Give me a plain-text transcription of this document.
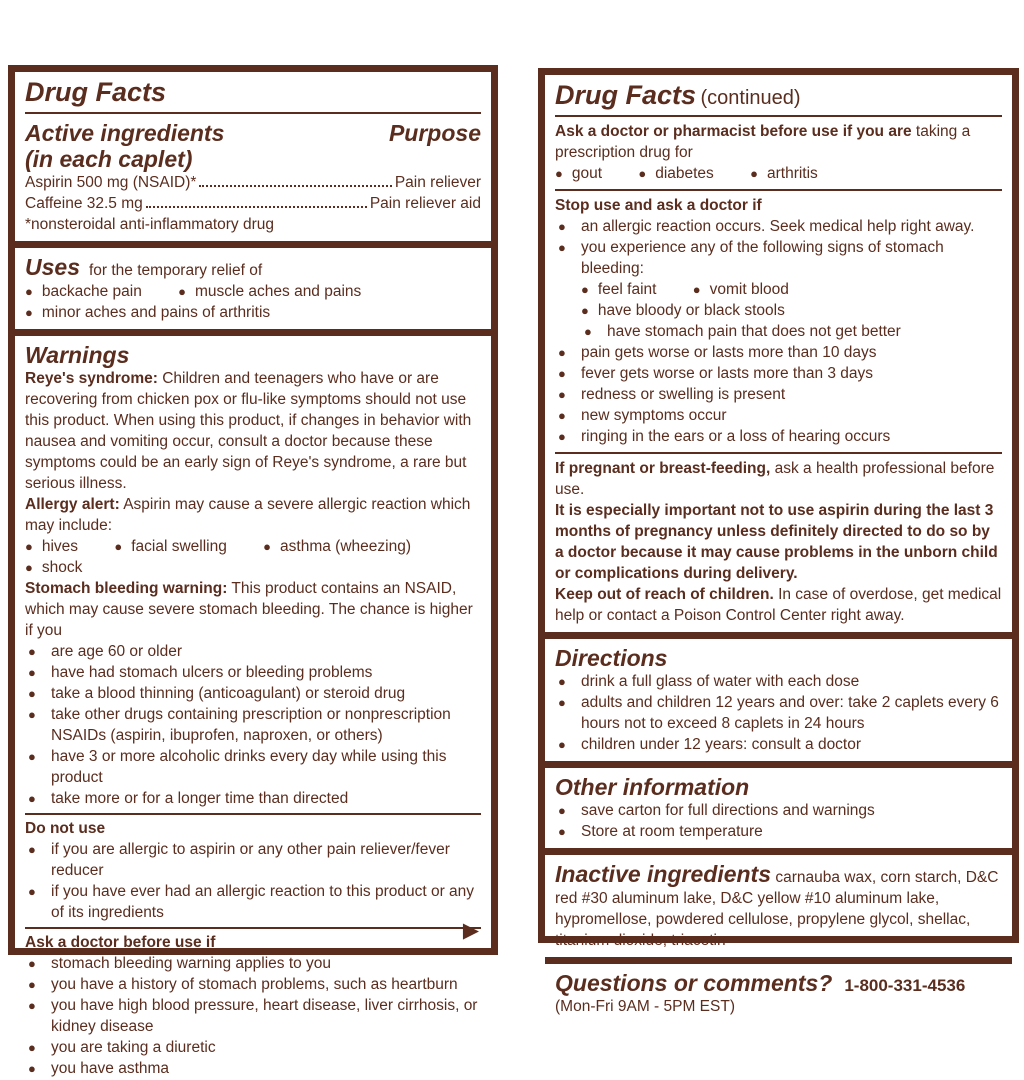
Drug Facts
Active ingredients
(in each caplet)
Purpose
Aspirin 500 mg (NSAID)*	Pain reliever
Caffeine 32.5 mg	Pain reliever aid
*nonsteroidal anti-inflammatory drug
Uses for the temporary relief of
● backache pain	● muscle aches and pains
● minor aches and pains of arthritis
Warnings

Reye's syndrome: Children and teenagers who have or are recovering from chicken pox or flu-like symptoms should not use this product. When using this product, if changes in behavior with nausea and vomiting occur, consult a doctor because these symptoms could be an early sign of Reye's syndrome, a rare but serious illness.

Allergy alert: Aspirin may cause a severe allergic reaction which may include:

● hives	● facial swelling	● asthma (wheezing) ● shock

Stomach bleeding warning: This product contains an NSAID, which may cause severe stomach bleeding. The chance is higher if you

● are age 60 or older
● have had stomach ulcers or bleeding problems
● take a blood thinning (anticoagulant) or steroid drug
● take other drugs containing prescription or nonprescription NSAIDs (aspirin, ibuprofen, naproxen, or others)
● have 3 or more alcoholic drinks every day while using this product
● take more or for a longer time than directed
Do not use
● if you are allergic to aspirin or any other pain reliever/fever reducer
● if you have ever had an allergic reaction to this product or any of its ingredients
Ask a doctor before use if
● stomach bleeding warning applies to you
● you have a history of stomach problems, such as heartburn
● you have high blood pressure, heart disease, liver cirrhosis, or kidney disease
● you are taking a diuretic
● you have asthma
▶
Drug Facts (continued)

Ask a doctor or pharmacist before use if you are taking a prescription drug for

● gout	● diabetes	● arthritis
Stop use and ask a doctor if
● an allergic reaction occurs. Seek medical help right away.
● you experience any of the following signs of stomach bleeding:
● feel faint	● vomit blood ● have bloody or black stools
● have stomach pain that does not get better
● pain gets worse or lasts more than 10 days
● fever gets worse or lasts more than 3 days
● redness or swelling is present
● new symptoms occur
● ringing in the ears or a loss of hearing occurs

If pregnant or breast-feeding, ask a health professional before use.

It is especially important not to use aspirin during the last 3 months of pregnancy unless definitely directed to do so by a doctor because it may cause problems in the unborn child or complications during delivery.

Keep out of reach of children. In case of overdose, get medical help or contact a Poison Control Center right away.

Directions
● drink a full glass of water with each dose
● adults and children 12 years and over: take 2 caplets every 6 hours not to exceed 8 caplets in 24 hours
● children under 12 years: consult a doctor
Other information
● save carton for full directions and warnings
● Store at room temperature

Inactive ingredients carnauba wax, corn starch, D&C red #30 aluminum lake, D&C yellow #10 aluminum lake, hypromellose, powdered cellulose, propylene glycol, shellac, titanium dioxide, triacetin

Questions or comments? 1-800-331-4536
(Mon-Fri 9AM - 5PM EST)
